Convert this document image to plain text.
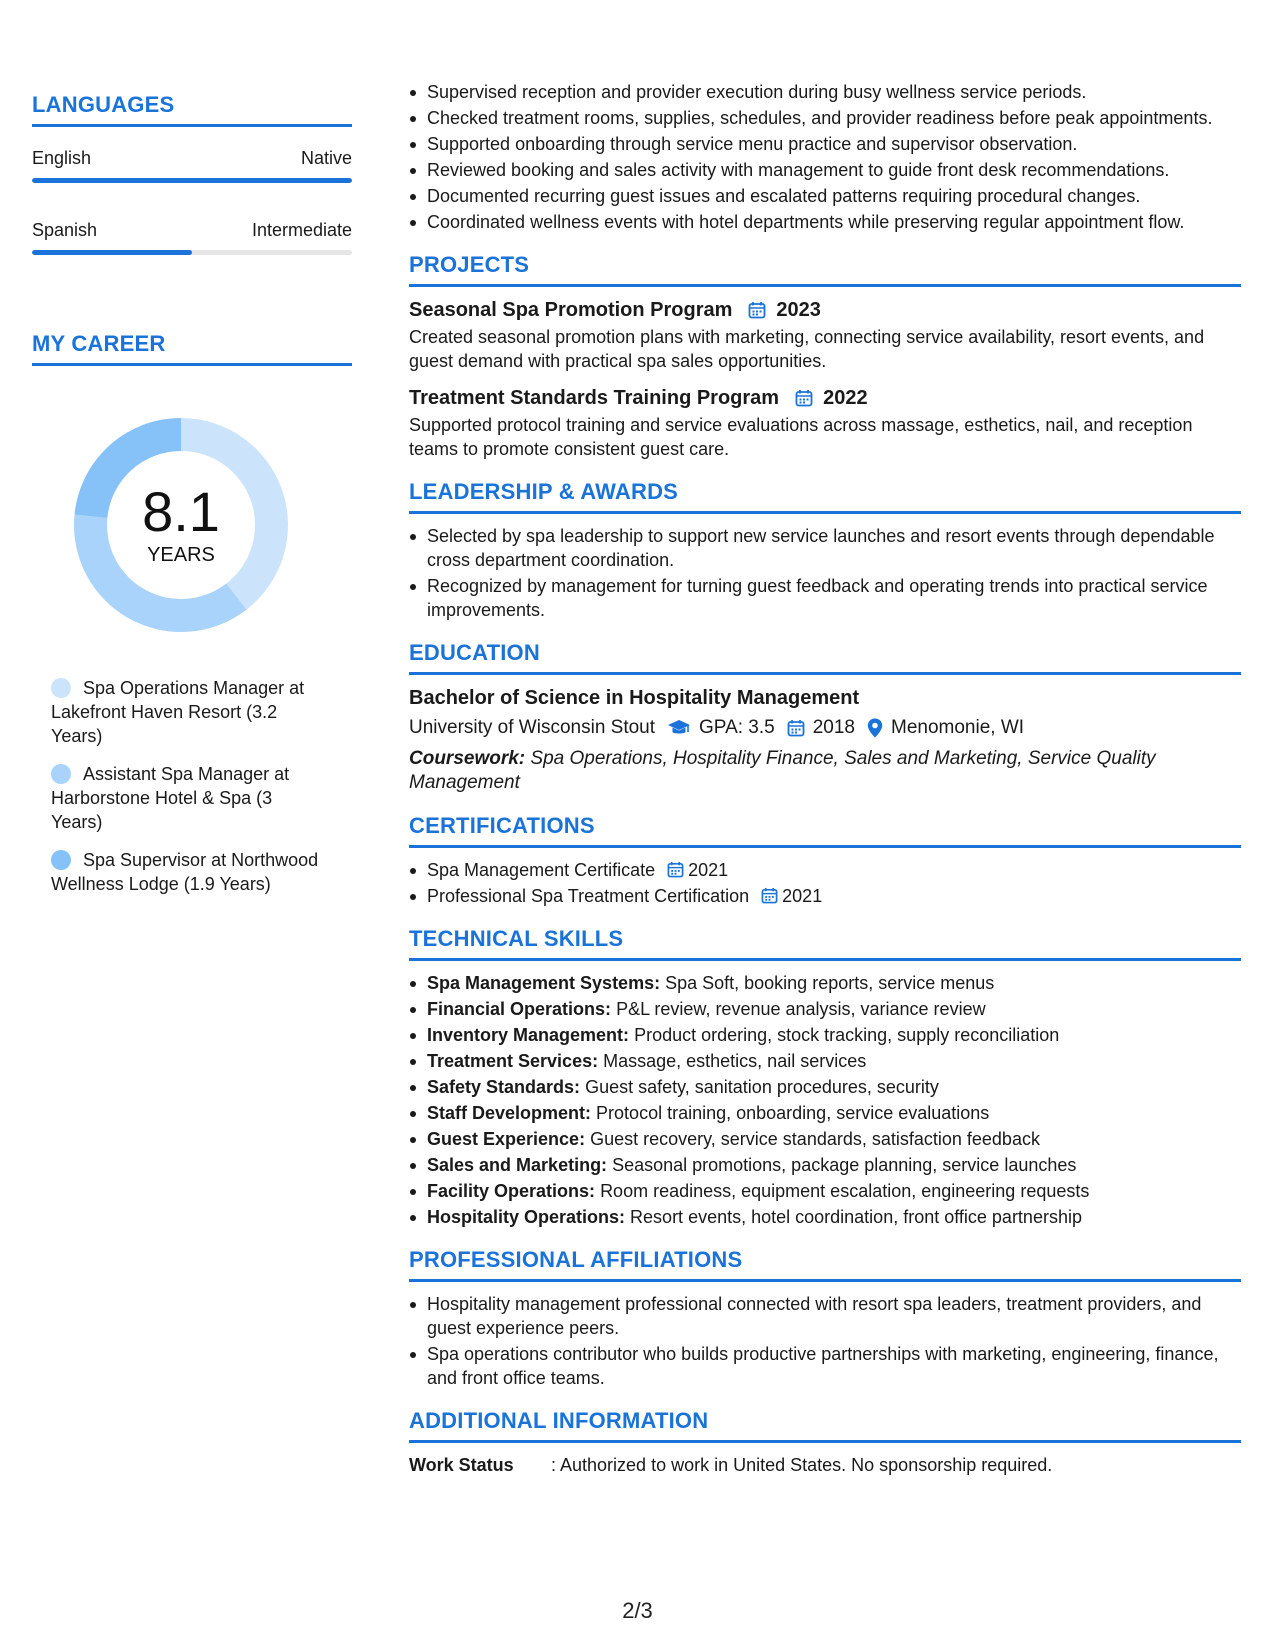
LANGUAGES
English	Native
Spanish	Intermediate
MY CAREER
8.1
YEARS
Spa Operations Manager at Lakefront Haven Resort (3.2 Years)
Assistant Spa Manager at Harborstone Hotel & Spa (3 Years)
Spa Supervisor at Northwood Wellness Lodge (1.9 Years)
Supervised reception and provider execution during busy wellness service periods.
Checked treatment rooms, supplies, schedules, and provider readiness before peak appointments.
Supported onboarding through service menu practice and supervisor observation.
Reviewed booking and sales activity with management to guide front desk recommendations.
Documented recurring guest issues and escalated patterns requiring procedural changes.
Coordinated wellness events with hotel departments while preserving regular appointment flow.
PROJECTS
Seasonal Spa Promotion Program 2023
Created seasonal promotion plans with marketing, connecting service availability, resort events, and guest demand with practical spa sales opportunities.
Treatment Standards Training Program 2022
Supported protocol training and service evaluations across massage, esthetics, nail, and reception teams to promote consistent guest care.
LEADERSHIP & AWARDS
Selected by spa leadership to support new service launches and resort events through dependable cross department coordination.
Recognized by management for turning guest feedback and operating trends into practical service improvements.
EDUCATION
Bachelor of Science in Hospitality Management
University of Wisconsin Stout GPA: 3.5 2018 Menomonie, WI
Coursework: Spa Operations, Hospitality Finance, Sales and Marketing, Service Quality Management
CERTIFICATIONS
Spa Management Certificate 2021
Professional Spa Treatment Certification 2021
TECHNICAL SKILLS
Spa Management Systems: Spa Soft, booking reports, service menus
Financial Operations: P&L review, revenue analysis, variance review
Inventory Management: Product ordering, stock tracking, supply reconciliation
Treatment Services: Massage, esthetics, nail services
Safety Standards: Guest safety, sanitation procedures, security
Staff Development: Protocol training, onboarding, service evaluations
Guest Experience: Guest recovery, service standards, satisfaction feedback
Sales and Marketing: Seasonal promotions, package planning, service launches
Facility Operations: Room readiness, equipment escalation, engineering requests
Hospitality Operations: Resort events, hotel coordination, front office partnership
PROFESSIONAL AFFILIATIONS
Hospitality management professional connected with resort spa leaders, treatment providers, and guest experience peers.
Spa operations contributor who builds productive partnerships with marketing, engineering, finance, and front office teams.
ADDITIONAL INFORMATION
Work Status	: Authorized to work in United States. No sponsorship required.
2/3
